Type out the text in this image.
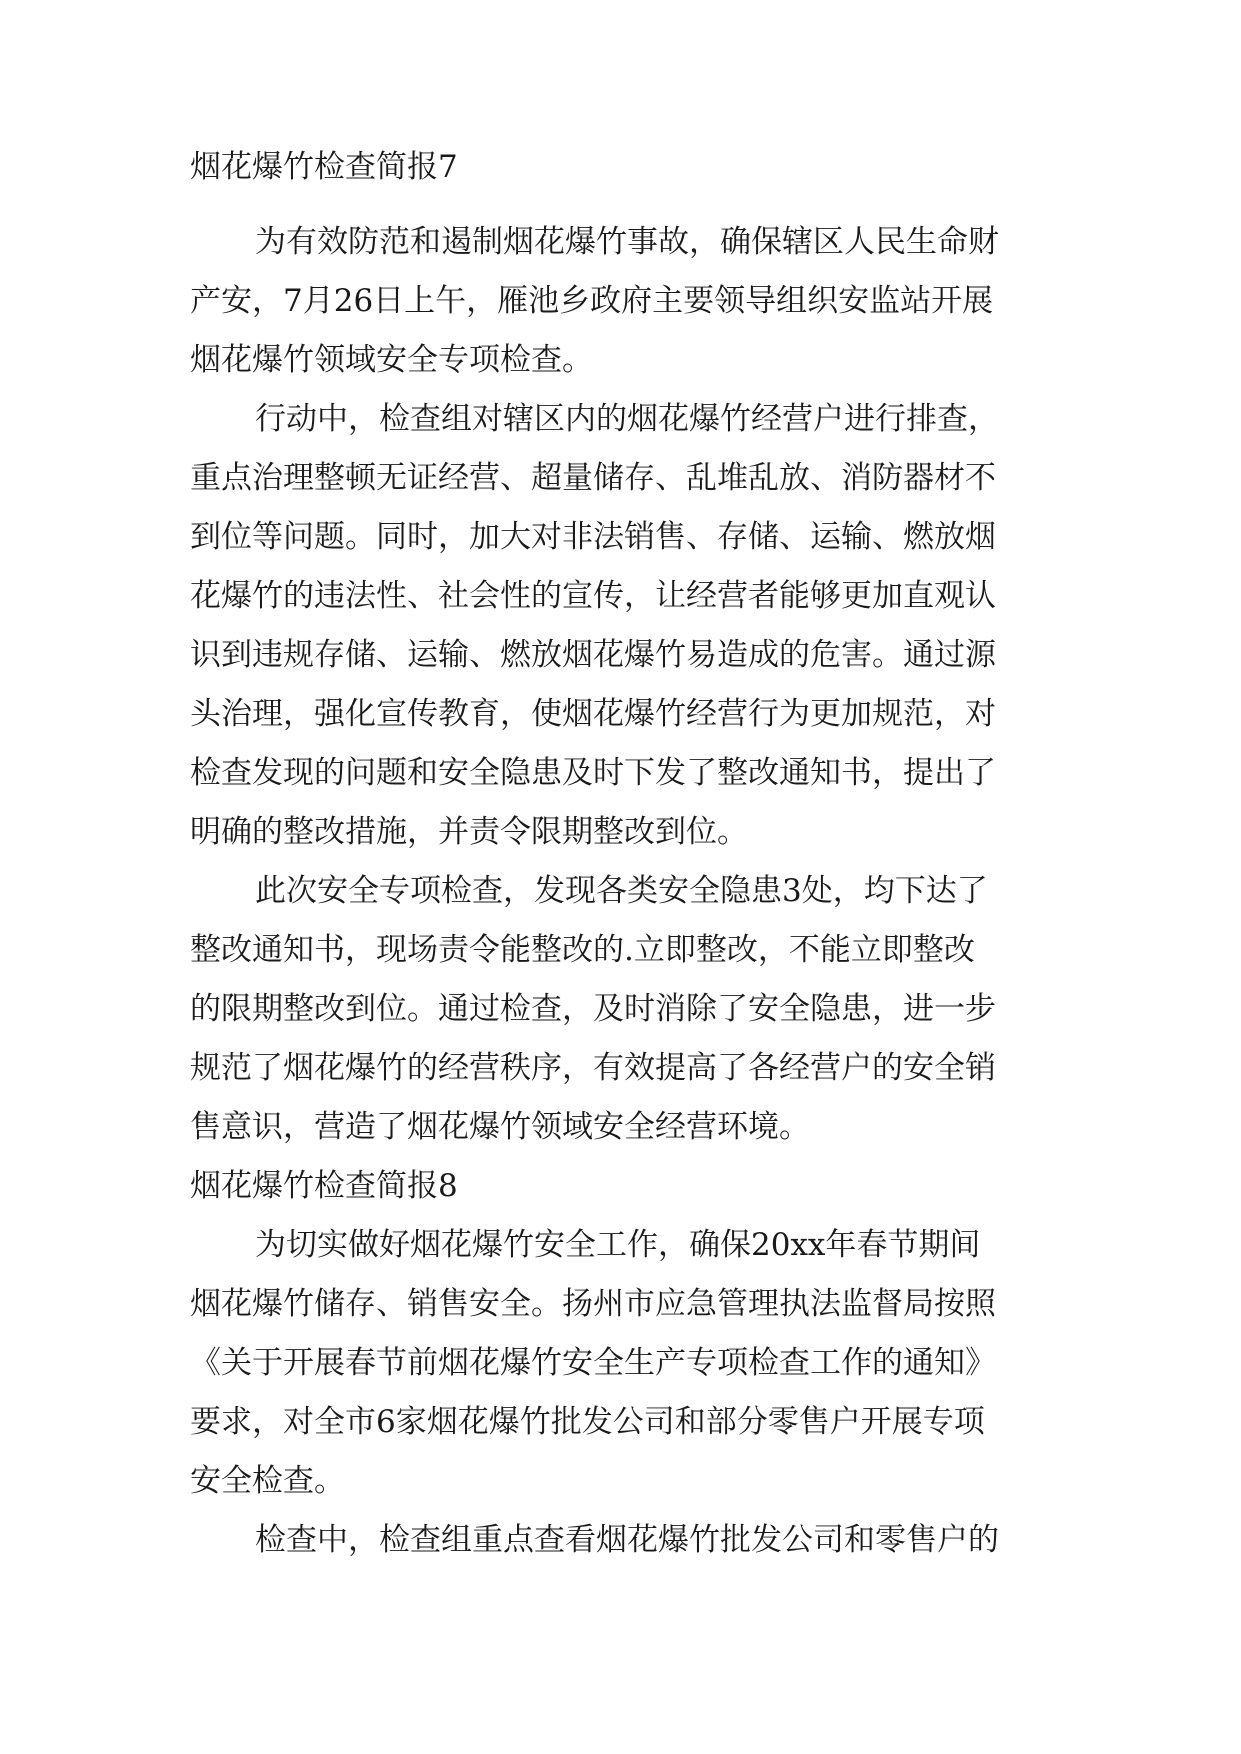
烟花爆竹检查简报7
为有效防范和遏制烟花爆竹事故，确保辖区人民生命财
产安，7月26日上午，雁池乡政府主要领导组织安监站开展
烟花爆竹领域安全专项检查。
行动中，检查组对辖区内的烟花爆竹经营户进行排查，
重点治理整顿无证经营、超量储存、乱堆乱放、消防器材不
到位等问题。同时，加大对非法销售、存储、运输、燃放烟
花爆竹的违法性、社会性的宣传，让经营者能够更加直观认
识到违规存储、运输、燃放烟花爆竹易造成的危害。通过源
头治理，强化宣传教育，使烟花爆竹经营行为更加规范，对
检查发现的问题和安全隐患及时下发了整改通知书，提出了
明确的整改措施，并责令限期整改到位。
此次安全专项检查，发现各类安全隐患3处，均下达了
整改通知书，现场责令能整改的.立即整改，不能立即整改
的限期整改到位。通过检查，及时消除了安全隐患，进一步
规范了烟花爆竹的经营秩序，有效提高了各经营户的安全销
售意识，营造了烟花爆竹领域安全经营环境。
烟花爆竹检查简报8
为切实做好烟花爆竹安全工作，确保20xx年春节期间
烟花爆竹储存、销售安全。扬州市应急管理执法监督局按照
《关于开展春节前烟花爆竹安全生产专项检查工作的通知》
要求，对全市6家烟花爆竹批发公司和部分零售户开展专项
安全检查。
检查中，检查组重点查看烟花爆竹批发公司和零售户的
